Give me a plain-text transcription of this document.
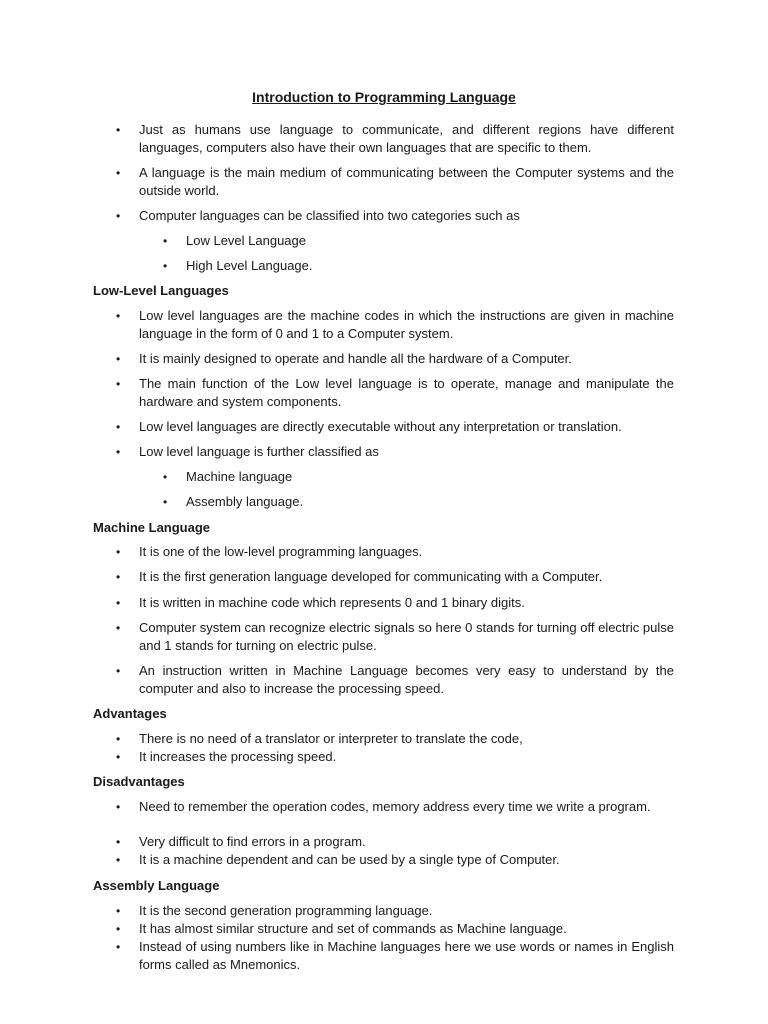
Introduction to Programming Language
• Just as humans use language to communicate, and different regions have different languages, computers also have their own languages that are specific to them.
• A language is the main medium of communicating between the Computer systems and the outside world.
• Computer languages can be classified into two categories such as
• Low Level Language
• High Level Language.
Low-Level Languages
• Low level languages are the machine codes in which the instructions are given in machine language in the form of 0 and 1 to a Computer system.
• It is mainly designed to operate and handle all the hardware of a Computer.
• The main function of the Low level language is to operate, manage and manipulate the hardware and system components.
• Low level languages are directly executable without any interpretation or translation.
• Low level language is further classified as
• Machine language
• Assembly language.
Machine Language
• It is one of the low-level programming languages.
• It is the first generation language developed for communicating with a Computer.
• It is written in machine code which represents 0 and 1 binary digits.
• Computer system can recognize electric signals so here 0 stands for turning off electric pulse and 1 stands for turning on electric pulse.
• An instruction written in Machine Language becomes very easy to understand by the computer and also to increase the processing speed.
Advantages
• There is no need of a translator or interpreter to translate the code,
• It increases the processing speed.
Disadvantages
• Need to remember the operation codes, memory address every time we write a program.
• Very difficult to find errors in a program.
• It is a machine dependent and can be used by a single type of Computer.
Assembly Language
• It is the second generation programming language.
• It has almost similar structure and set of commands as Machine language.
• Instead of using numbers like in Machine languages here we use words or names in English forms called as Mnemonics.
